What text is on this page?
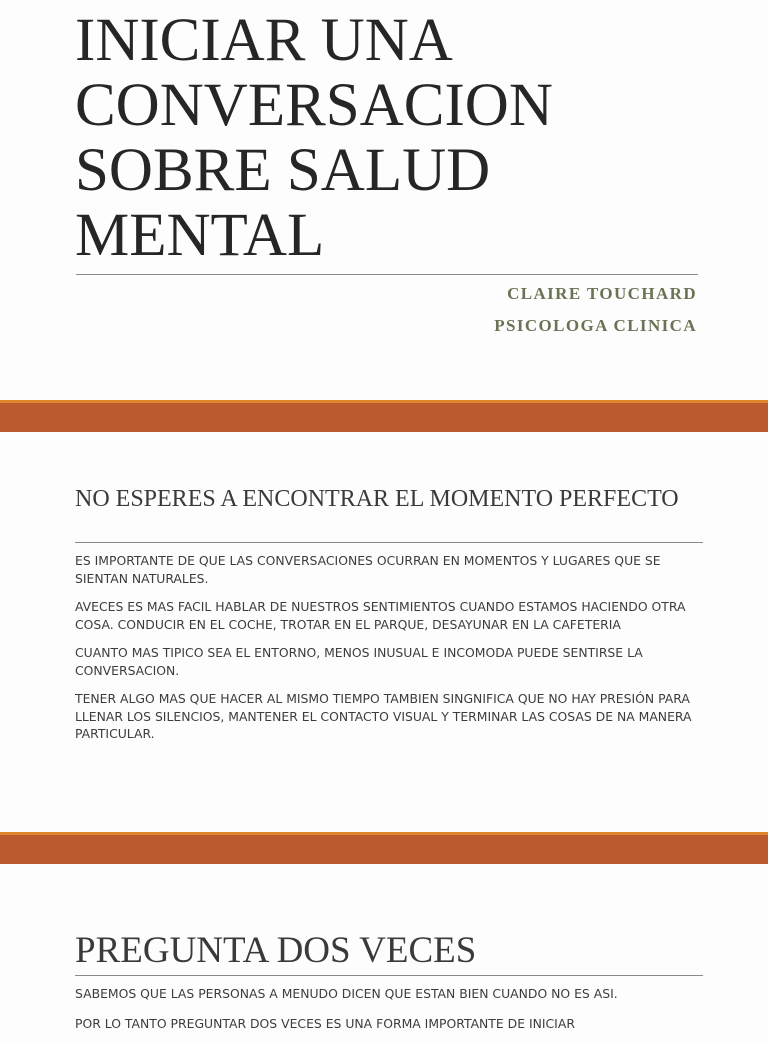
INICIAR UNA CONVERSACION SOBRE SALUD MENTAL
CLAIRE TOUCHARD
PSICOLOGA CLINICA
NO ESPERES A ENCONTRAR EL MOMENTO PERFECTO

ES IMPORTANTE DE QUE LAS CONVERSACIONES OCURRAN EN MOMENTOS Y LUGARES QUE SE SIENTAN NATURALES.

AVECES ES MAS FACIL HABLAR DE NUESTROS SENTIMIENTOS CUANDO ESTAMOS HACIENDO OTRA COSA. CONDUCIR EN EL COCHE, TROTAR EN EL PARQUE, DESAYUNAR EN LA CAFETERIA

CUANTO MAS TIPICO SEA EL ENTORNO, MENOS INUSUAL E INCOMODA PUEDE SENTIRSE LA CONVERSACION.

TENER ALGO MAS QUE HACER AL MISMO TIEMPO TAMBIEN SINGNIFICA QUE NO HAY PRESIÓN PARA LLENAR LOS SILENCIOS, MANTENER EL CONTACTO VISUAL Y TERMINAR LAS COSAS DE NA MANERA PARTICULAR.

PREGUNTA DOS VECES

SABEMOS QUE LAS PERSONAS A MENUDO DICEN QUE ESTAN BIEN CUANDO NO ES ASI.

POR LO TANTO PREGUNTAR DOS VECES ES UNA FORMA IMPORTANTE DE INICIAR
